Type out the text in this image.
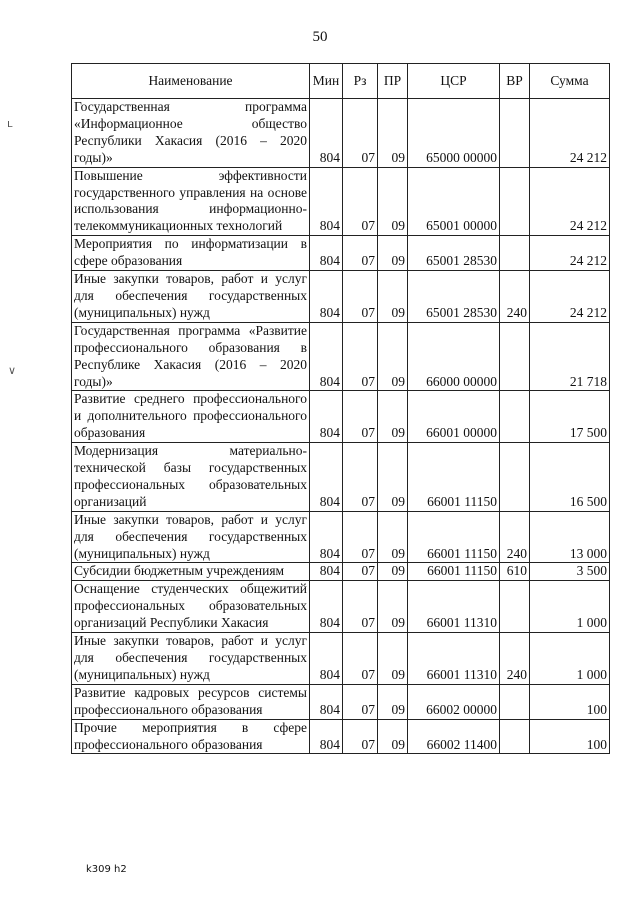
50
ʟ
∨
Наименование	Мин	Рз	ПР	ЦСР	ВР	Сумма
Государственная программа «Информационное общество Республики Хакасия (2016 – 2020 годы)»	804	07	09	65000 00000		24 212
Повышение эффективности государственного управления на основе использования информационно-телекоммуникационных технологий	804	07	09	65001 00000		24 212
Мероприятия по информатизации в сфере образования	804	07	09	65001 28530		24 212
Иные закупки товаров, работ и услуг для обеспечения государственных (муниципальных) нужд	804	07	09	65001 28530	240	24 212
Государственная программа «Развитие профессионального образования в Республике Хакасия (2016 – 2020 годы)»	804	07	09	66000 00000		21 718
Развитие среднего профессионального и дополнительного профессионального образования	804	07	09	66001 00000		17 500
Модернизация материально-технической базы государственных профессиональных образовательных организаций	804	07	09	66001 11150		16 500
Иные закупки товаров, работ и услуг для обеспечения государственных (муниципальных) нужд	804	07	09	66001 11150	240	13 000
Субсидии бюджетным учреждениям	804	07	09	66001 11150	610	3 500
Оснащение студенческих общежитий профессиональных образовательных организаций Республики Хакасия	804	07	09	66001 11310		1 000
Иные закупки товаров, работ и услуг для обеспечения государственных (муниципальных) нужд	804	07	09	66001 11310	240	1 000
Развитие кадровых ресурсов системы профессионального образования	804	07	09	66002 00000		100
Прочие мероприятия в сфере профессионального образования	804	07	09	66002 11400		100
k309 h2
